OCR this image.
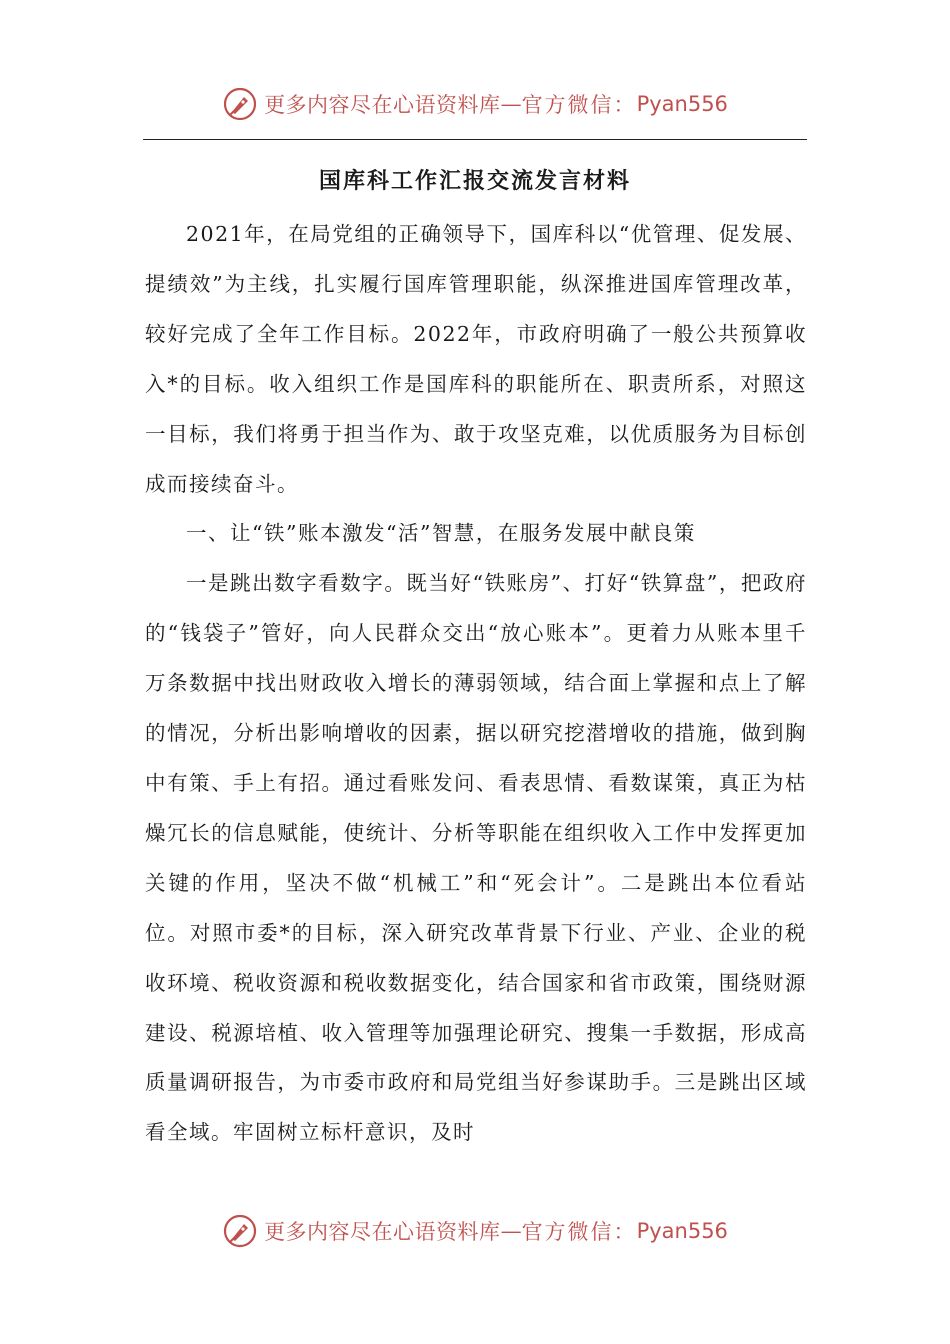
更多内容尽在心语资料库 — 官方微信： Pyan556
国库科工作汇报交流发言材料

2021年，在局党组的正确领导下，国库科以“优管理、促发展、提绩效”为主线，扎实履行国库管理职能，纵深推进国库管理改革，较好完成了全年工作目标。2022年，市政府明确了一般公共预算收入*的目标。收入组织工作是国库科的职能所在、职责所系，对照这一目标，我们将勇于担当作为、敢于攻坚克难，以优质服务为目标创成而接续奋斗。

一、让“铁”账本激发“活”智慧，在服务发展中献良策

一是跳出数字看数字。既当好“铁账房”、打好“铁算盘”，把政府的“钱袋子”管好，向人民群众交出“放心账本”。更着力从账本里千万条数据中找出财政收入增长的薄弱领域，结合面上掌握和点上了解的情况，分析出影响增收的因素，据以研究挖潜增收的措施，做到胸中有策、手上有招。通过看账发问、看表思情、看数谋策，真正为枯燥冗长的信息赋能，使统计、分析等职能在组织收入工作中发挥更加关键的作用，坚决不做“机械工”和“死会计”。二是跳出本位看站位。对照市委*的目标，深入研究改革背景下行业、产业、企业的税收环境、税收资源和税收数据变化，结合国家和省市政策，围绕财源建设、税源培植、收入管理等加强理论研究、搜集一手数据，形成高质量调研报告，为市委市政府和局党组当好参谋助手。三是跳出区域看全域。牢固树立标杆意识，及时

更多内容尽在心语资料库 — 官方微信： Pyan556
